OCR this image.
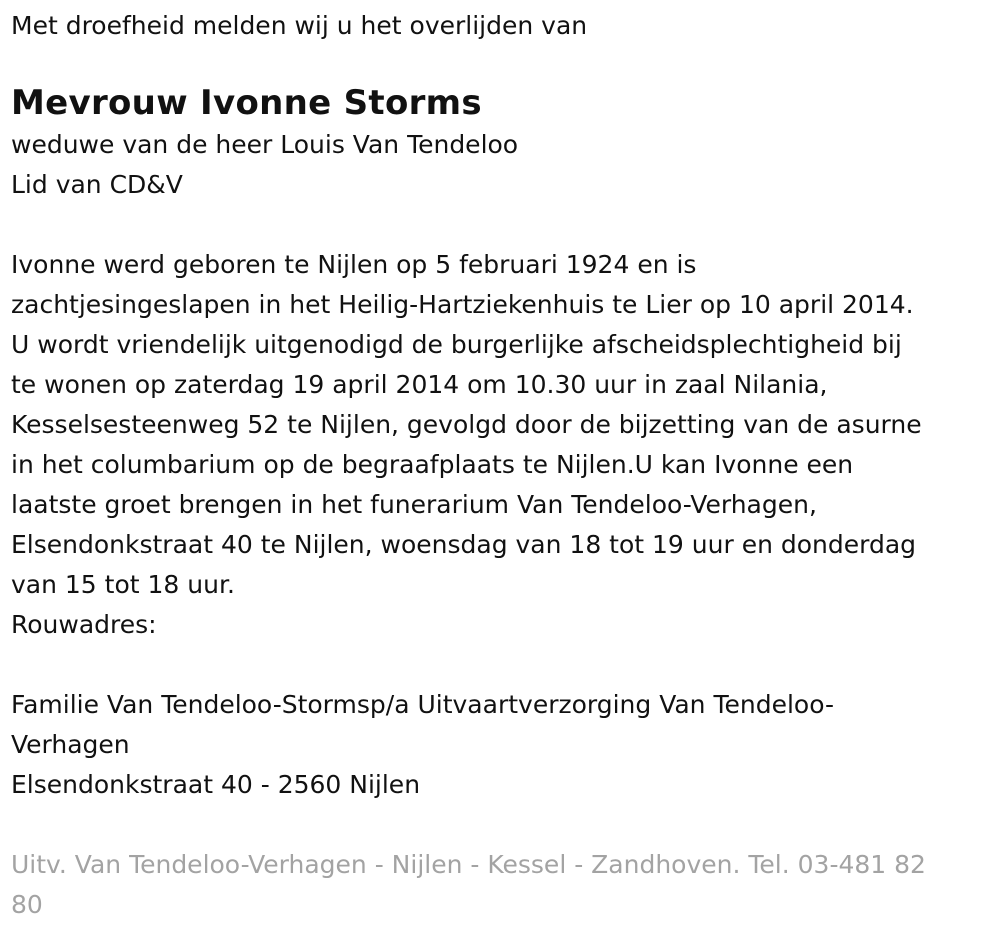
Met droefheid melden wij u het overlijden van

Mevrouw Ivonne Storms

weduwe van de heer Louis Van Tendeloo

Lid van CD&V

Ivonne werd geboren te Nijlen op 5 februari 1924 en is

zachtjesingeslapen in het Heilig-Hartziekenhuis te Lier op 10 april 2014.

U wordt vriendelijk uitgenodigd de burgerlijke afscheidsplechtigheid bij

te wonen op zaterdag 19 april 2014 om 10.30 uur in zaal Nilania,

Kesselsesteenweg 52 te Nijlen, gevolgd door de bijzetting van de asurne

in het columbarium op de begraafplaats te Nijlen.U kan Ivonne een

laatste groet brengen in het funerarium Van Tendeloo-Verhagen,

Elsendonkstraat 40 te Nijlen, woensdag van 18 tot 19 uur en donderdag

van 15 tot 18 uur.

Rouwadres:

Familie Van Tendeloo-Stormsp/a Uitvaartverzorging Van Tendeloo-

Verhagen

Elsendonkstraat 40 - 2560 Nijlen

Uitv. Van Tendeloo-Verhagen - Nijlen - Kessel - Zandhoven. Tel. 03-481 82

80
